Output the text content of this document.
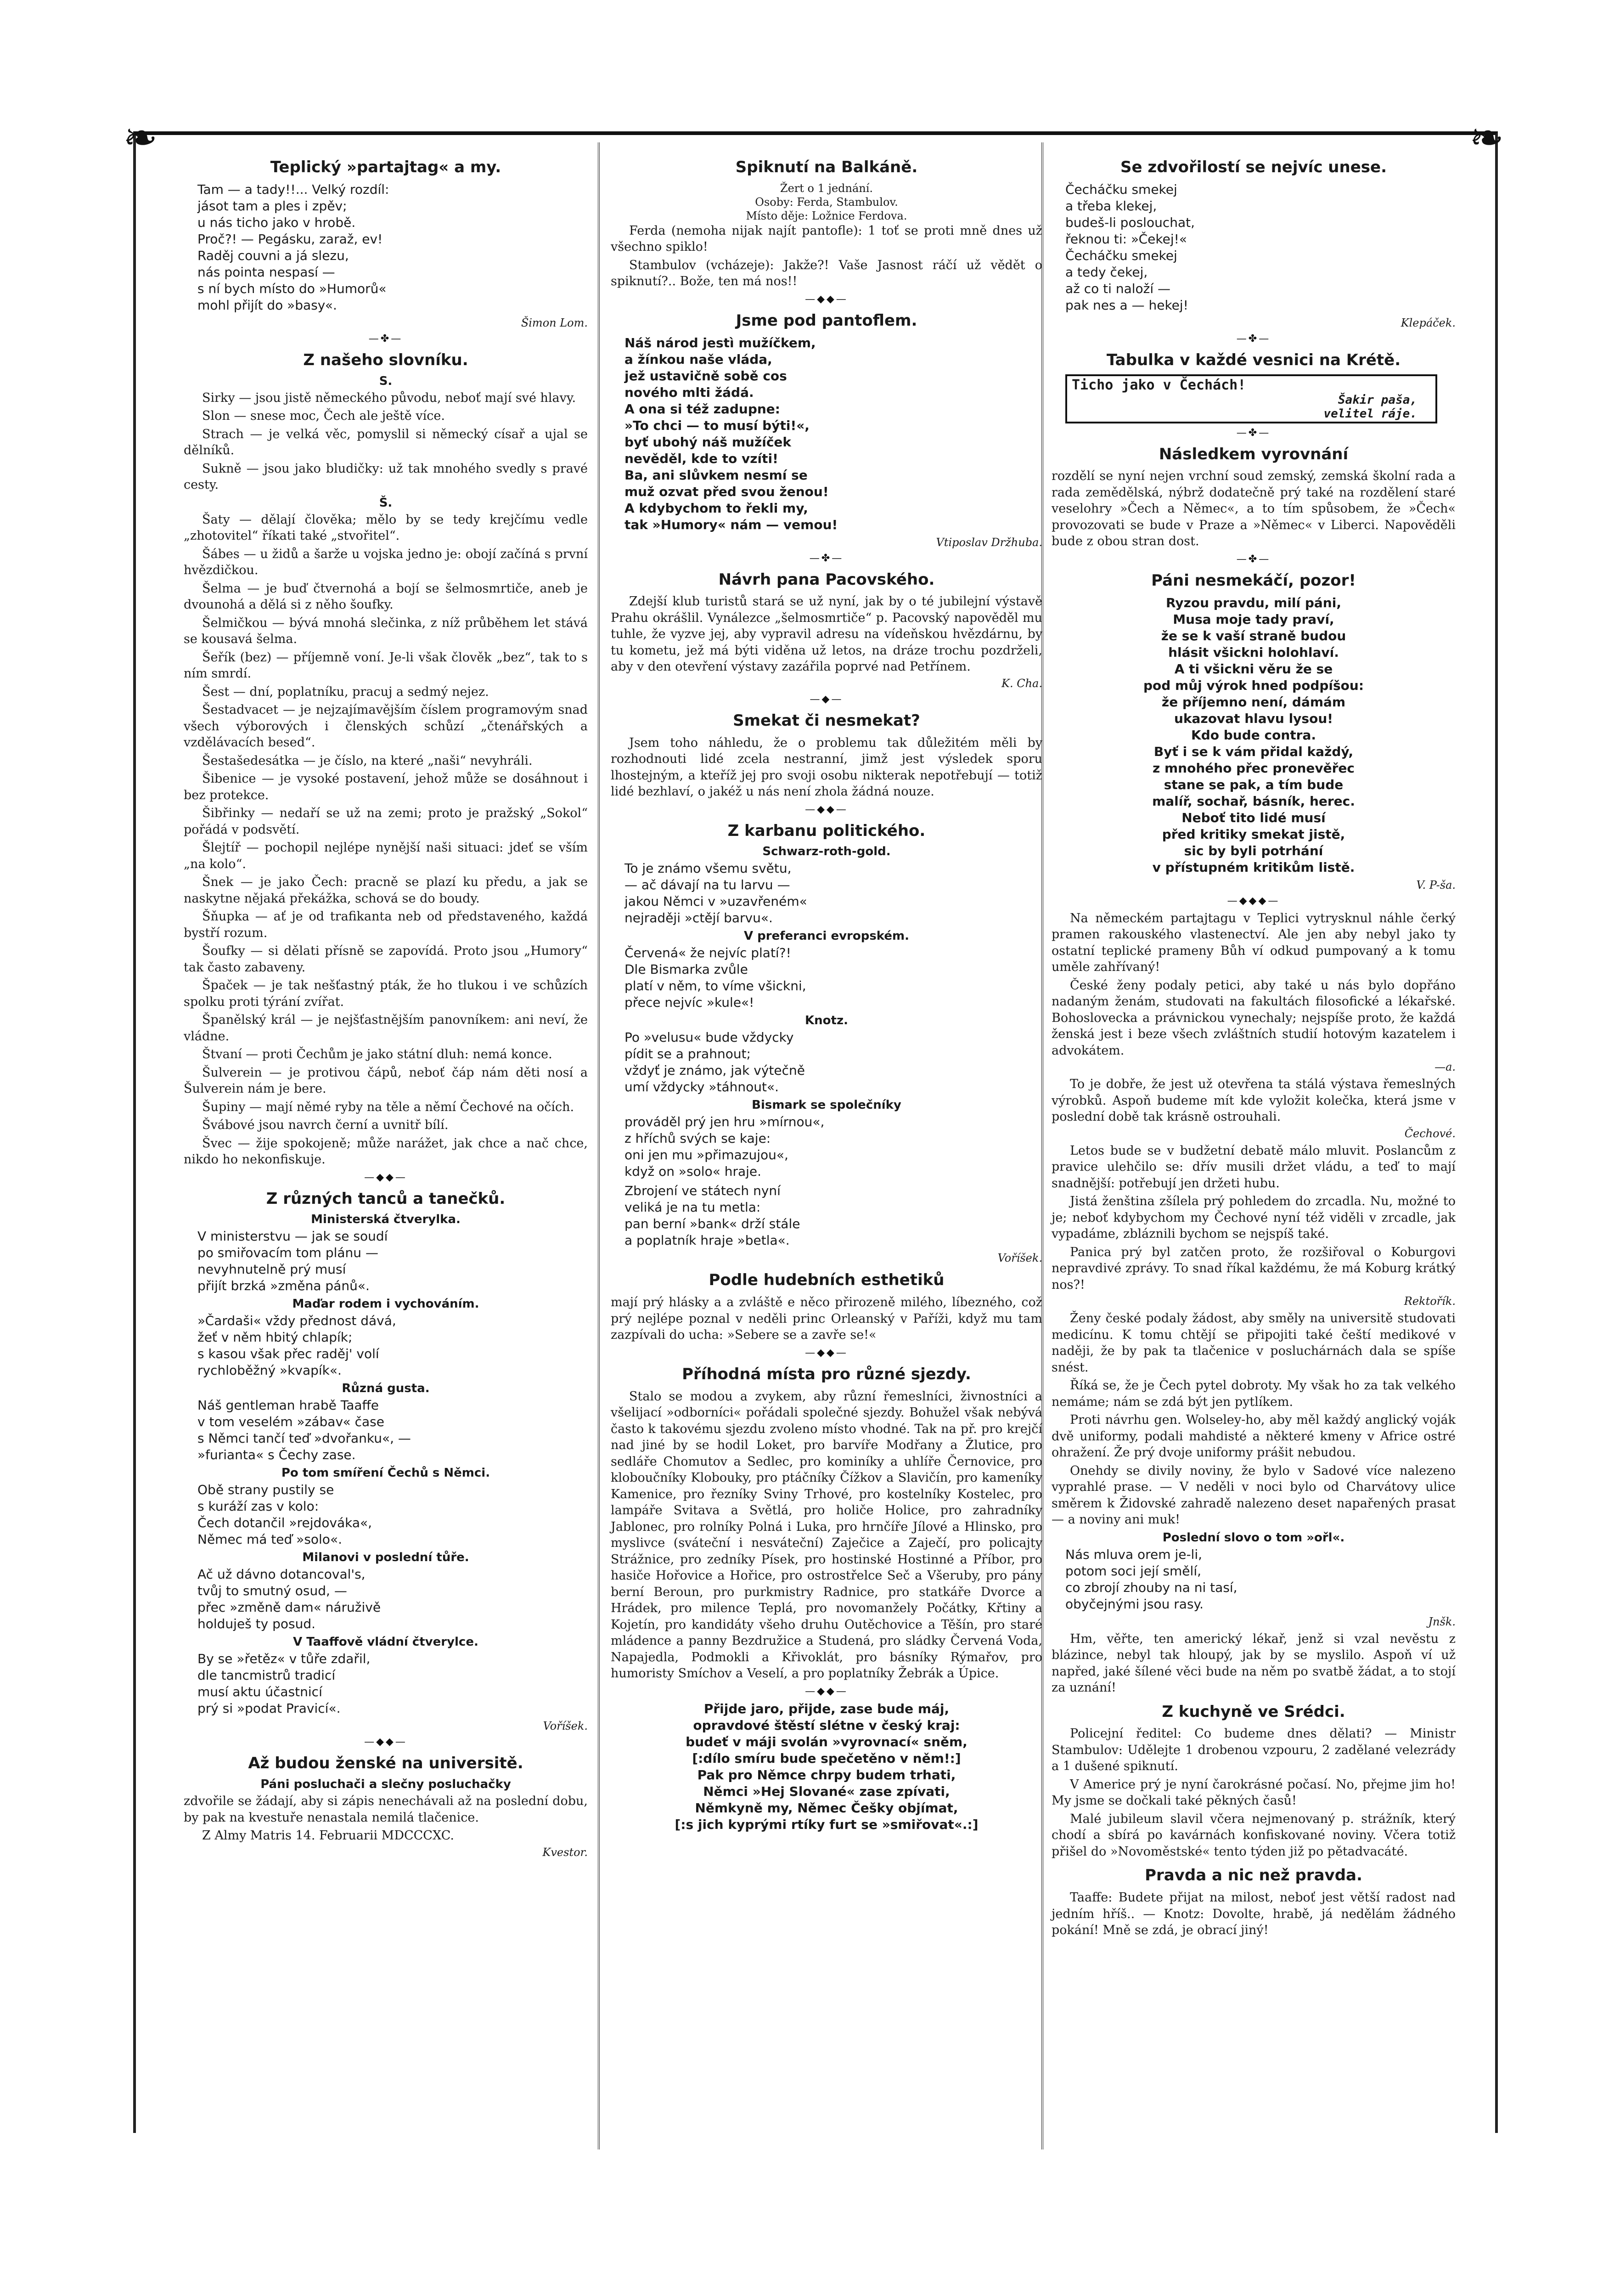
❧	❧
Teplický »partajtag« a my.
Tam — a tady!!... Velký rozdíl:
jásot tam a ples i zpěv;
u nás ticho jako v hrobě.
Proč?! — Pegásku, zaraž, ev!
Raděj couvni a já slezu,
nás pointa nespasí —
s ní bych místo do »Humorů«
mohl přijít do »basy«.
Šimon Lom.
—✤—
Z našeho slovníku.
S.

Sirky — jsou jistě německého původu, neboť mají své hlavy.

Slon — snese moc, Čech ale ještě více.

Strach — je velká věc, pomyslil si německý císař a ujal se dělníků.

Sukně — jsou jako bludičky: už tak mnohého svedly s pravé cesty.

Š.

Šaty — dělají člověka; mělo by se tedy krejčímu vedle „zhotovitel“ říkati také „stvořitel“.

Šábes — u židů a šarže u vojska jedno je: obojí začíná s první hvězdičkou.

Šelma — je buď čtvernohá a bojí se šelmosmrtiče, aneb je dvounohá a dělá si z něho šoufky.

Šelmičkou — bývá mnohá slečinka, z níž průběhem let stává se kousavá šelma.

Šeřík (bez) — příjemně voní. Je-li však člověk „bez“, tak to s ním smrdí.

Šest — dní, poplatníku, pracuj a sedmý nejez.

Šestadvacet — je nejzajímavějším číslem programovým snad všech výborových i členských schůzí „čtenářských a vzdělávacích besed“.

Šestašedesátka — je číslo, na které „naši“ nevyhráli.

Šibenice — je vysoké postavení, jehož může se dosáhnout i bez protekce.

Šibřinky — nedaří se už na zemi; proto je pražský „Sokol“ pořádá v podsvětí.

Šlejtíř — pochopil nejlépe nynější naši situaci: jdeť se vším „na kolo“.

Šnek — je jako Čech: pracně se plazí ku předu, a jak se naskytne nějaká překážka, schová se do boudy.

Šňupka — ať je od trafikanta neb od představeného, každá bystří rozum.

Šoufky — si dělati přísně se zapovídá. Proto jsou „Humory“ tak často zabaveny.

Špaček — je tak nešťastný pták, že ho tlukou i ve schůzích spolku proti týrání zvířat.

Španělský král — je nejšťastnějším panovníkem: ani neví, že vládne.

Štvaní — proti Čechům je jako státní dluh: nemá konce.

Šulverein — je protivou čápů, neboť čáp nám děti nosí a Šulverein nám je bere.

Šupiny — mají němé ryby na těle a němí Čechové na očích.

Švábové jsou navrch černí a uvnitř bílí.

Švec — žije spokojeně; může narážet, jak chce a nač chce, nikdo ho nekonfiskuje.

—◆◆—
Z různých tanců a tanečků.
Ministerská čtverylka.
V ministerstvu — jak se soudí
po smiřovacím tom plánu —
nevyhnutelně prý musí
přijít brzká »změna pánů«.
Maďar rodem i vychováním.
»Čardaši« vždy přednost dává,
žeť v něm hbitý chlapík;
s kasou však přec raděj' volí
rychloběžný »kvapík«.
Různá gusta.
Náš gentleman hrabě Taaffe
v tom veselém »zábav« čase
s Němci tančí teď »dvořanku«, —
»furianta« s Čechy zase.
Po tom smíření Čechů s Němci.
Obě strany pustily se
s kuráží zas v kolo:
Čech dotančil »rejdováka«,
Němec má teď »solo«.
Milanovi v poslední tůře.
Ač už dávno dotancoval's,
tvůj to smutný osud, —
přec »změně dam« náruživě
holduješ ty posud.
V Taaffově vládní čtverylce.
By se »řetěz« v tůře zdařil,
dle tancmistrů tradicí
musí aktu účastnicí
prý si »podat Pravicí«.
Voříšek.
—◆◆—
Až budou ženské na universitě.
Páni posluchači a slečny posluchačky

zdvořile se žádají, aby si zápis nenechávali až na poslední dobu, by pak na kvestuře nenastala nemilá tlačenice.

Z Almy Matris 14. Februarii MDCCCXC.

Kvestor.
Spiknutí na Balkáně.
Žert o 1 jednání.
Osoby: Ferda, Stambulov.
Místo děje: Ložnice Ferdova.

Ferda (nemoha nijak najít pantofle): 1 toť se proti mně dnes už všechno spiklo!

Stambulov (vcházeje): Jakže?! Vaše Jasnost ráčí už vědět o spiknutí?.. Bože, ten má nos!!

—◆◆—
Jsme pod pantoflem.
Náš národ jestì mužíčkem,
a žínkou naše vláda,
jež ustavičně sobě cos
nového mlti žádá.
A ona si též zadupne:
»To chci — to musí býti!«,
byť ubohý náš mužíček
nevěděl, kde to vzíti!
Ba, ani slůvkem nesmí se
muž ozvat před svou ženou!
A kdybychom to řekli my,
tak »Humory« nám — vemou!
Vtiposlav Držhuba.
—✤—
Návrh pana Pacovského.

Zdejší klub turistů stará se už nyní, jak by o té jubilejní výstavě Prahu okrášlil. Vynálezce „šelmosmrtiče“ p. Pacovský napověděl mu tuhle, že vyzve jej, aby vypravil adresu na vídeňskou hvězdárnu, by tu kometu, jež má býti viděna už letos, na dráze trochu pozdrželi, aby v den otevření výstavy zazářila poprvé nad Petřínem.

K. Cha.
—◆—
Smekat či nesmekat?

Jsem toho náhledu, že o problemu tak důležitém měli by rozhodnouti lidé zcela nestranní, jimž jest výsledek sporu lhostejným, a kteříž jej pro svoji osobu nikterak nepotřebují — totiž lidé bezhlaví, o jakéž u nás není zhola žádná nouze.

—◆◆—
Z karbanu politického.
Schwarz-roth-gold.
To je známo všemu světu,
— ač dávají na tu larvu —
jakou Němci v »uzavřeném«
nejraději »ctějí barvu«.
V preferanci evropském.
Červená« že nejvíc platí?!
Dle Bismarka zvůle
platí v něm, to víme všickni,
přece nejvíc »kule«!
Knotz.
Po »velusu« bude vždycky
pídit se a prahnout;
vždyť je známo, jak výtečně
umí vždycky »táhnout«.
Bismark se společníky
prováděl prý jen hru »mírnou«,
z hříchů svých se kaje:
oni jen mu »přimazujou«,
když on »solo« hraje.
Zbrojení ve státech nyní
veliká je na tu metla:
pan berní »bank« drží stále
a poplatník hraje »betla«.
Voříšek.
Podle hudebních esthetiků

mají prý hlásky a a zvláště e něco přirozeně milého, líbezného, což prý nejlépe poznal v neděli princ Orleanský v Paříži, když mu tam zazpívali do ucha: »Sebere se a zavře se!«

—◆◆—
Příhodná místa pro různé sjezdy.

Stalo se modou a zvykem, aby různí řemeslníci, živnostníci a všelijací »odborníci« pořádali společné sjezdy. Bohužel však nebývá často k takovému sjezdu zvoleno místo vhodné. Tak na př. pro krejčí nad jiné by se hodil Loket, pro barvíře Modřany a Žlutice, pro sedláře Chomutov a Sedlec, pro kominíky a uhlíře Černovice, pro kloboučníky Klobouky, pro ptáčníky Čížkov a Slavičín, pro kameníky Kamenice, pro řezníky Sviny Trhové, pro kostelníky Kostelec, pro lampáře Svitava a Světlá, pro holiče Holice, pro zahradníky Jablonec, pro rolníky Polná i Luka, pro hrnčíře Jílové a Hlinsko, pro myslivce (sváteční i nesváteční) Zaječice a Zaječí, pro policajty Strážnice, pro zedníky Písek, pro hostinské Hostinné a Příbor, pro hasiče Hořovice a Hořice, pro ostrostřelce Seč a Všeruby, pro pány berní Beroun, pro purkmistry Radnice, pro statkáře Dvorce a Hrádek, pro milence Teplá, pro novomanžely Počátky, Křtiny a Kojetín, pro kandidáty všeho druhu Outěchovice a Těšín, pro staré mládence a panny Bezdružice a Studená, pro sládky Červená Voda, Napajedla, Podmokli a Křivoklát, pro básníky Rýmařov, pro humoristy Smíchov a Veselí, a pro poplatníky Žebrák a Úpice.

—◆◆—
Přijde jaro, přijde, zase bude máj,
opravdové štěstí slétne v český kraj:
budeť v máji svolán »vyrovnací« sněm,
[:dílo smíru bude spečetěno v něm!:]
Pak pro Němce chrpy budem trhati,
Němci »Hej Slované« zase zpívati,
Němkyně my, Němec Češky objímat,
[:s jich kyprými rtíky furt se »smiřovat«.:]
Se zdvořilostí se nejvíc unese.
Čecháčku smekej
a třeba klekej,
budeš-li poslouchat,
řeknou ti: »Čekej!«
Čecháčku smekej
a tedy čekej,
až co ti naloží —
pak nes a — hekej!
Klepáček.
—✤—
Tabulka v každé vesnici na Krétě.
Ticho jako v Čechách!
Šakir paša,
velitel ráje.
—✤—
Následkem vyrovnání

rozdělí se nyní nejen vrchní soud zemský, zemská školní rada a rada zemědělská, nýbrž dodatečně prý také na rozdělení staré veselohry »Čech a Němec«, a to tím spůsobem, že »Čech« provozovati se bude v Praze a »Němec« v Liberci. Napověděli bude z obou stran dost.

—✤—
Páni nesmekáčí, pozor!
Ryzou pravdu, milí páni,
Musa moje tady praví,
že se k vaší straně budou
hlásit všickni holohlaví.
A ti všickni věru že se
pod můj výrok hned podpíšou:
že příjemno není, dámám
ukazovat hlavu lysou!
Kdo bude contra.
Byť i se k vám přidal každý,
z mnohého přec pronevěřec
stane se pak, a tím bude
malíř, sochař, básník, herec.
Neboť tito lidé musí
před kritiky smekat jistě,
sic by byli potrhání
v přístupném kritikům listě.
V. P-ša.
—◆◆◆—

Na německém partajtagu v Teplici vytrysknul náhle čerký pramen rakouského vlastenectví. Ale jen aby nebyl jako ty ostatní teplické prameny Bůh ví odkud pumpovaný a k tomu uměle zahřívaný!

České ženy podaly petici, aby také u nás bylo dopřáno nadaným ženám, studovati na fakultách filosofické a lékařské. Bohoslovecka a právnickou vynechaly; nejspíše proto, že každá ženská jest i beze všech zvláštních studií hotovým kazatelem i advokátem.

—a.

To je dobře, že jest už otevřena ta stálá výstava řemeslných výrobků. Aspoň budeme mít kde vyložit kolečka, která jsme v poslední době tak krásně ostrouhali.

Čechové.

Letos bude se v budžetní debatě málo mluvit. Poslancům z pravice ulehčilo se: dřív musili držet vládu, a teď to mají snadnější: potřebují jen držeti hubu.

Jistá ženština zšílela prý pohledem do zrcadla. Nu, možné to je; neboť kdybychom my Čechové nyní též viděli v zrcadle, jak vypadáme, zbláznili bychom se nejspíš také.

Panica prý byl zatčen proto, že rozšiřoval o Koburgovi nepravdivé zprávy. To snad říkal každému, že má Koburg krátký nos?!

Rektořík.

Ženy české podaly žádost, aby směly na universitě studovati medicínu. K tomu chtějí se připojiti také čeští medikové v naději, že by pak ta tlačenice v posluchárnách dala se spíše snést.

Říká se, že je Čech pytel dobroty. My však ho za tak velkého nemáme; nám se zdá být jen pytlíkem.

Proti návrhu gen. Wolseley-ho, aby měl každý anglický voják dvě uniformy, podali mahdisté a některé kmeny v Africe ostré ohražení. Že prý dvoje uniformy prášit nebudou.

Onehdy se divily noviny, že bylo v Sadové více nalezeno vyprahlé prase. — V neděli v noci bylo od Charvátovy ulice směrem k Židovské zahradě nalezeno deset napařených prasat — a noviny ani muk!

Poslední slovo o tom »ořl«.
Nás mluva orem je-li,
potom soci její smělí,
co zbrojí zhouby na ni tasí,
obyčejnými jsou rasy.
Jnšk.

Hm, věřte, ten americký lékař, jenž si vzal nevěstu z blázince, nebyl tak hloupý, jak by se myslilo. Aspoň ví už napřed, jaké šílené věci bude na něm po svatbě žádat, a to stojí za uznání!

Z kuchyně ve Srédci.

Policejní ředitel: Co budeme dnes dělati? — Ministr Stambulov: Udělejte 1 drobenou vzpouru, 2 zadělané velezrády a 1 dušené spiknutí.

V Americe prý je nyní čarokrásné počasí. No, přejme jim ho! My jsme se dočkali také pěkných časů!

Malé jubileum slavil včera nejmenovaný p. strážník, který chodí a sbírá po kavárnách konfiskované noviny. Včera totiž přišel do »Novoměstské« tento týden již po pětadvacáté.

Pravda a nic než pravda.

Taaffe: Budete přijat na milost, neboť jest větší radost nad jedním hříš.. — Knotz: Dovolte, hrabě, já nedělám žádného pokání! Mně se zdá, je obrací jiný!
